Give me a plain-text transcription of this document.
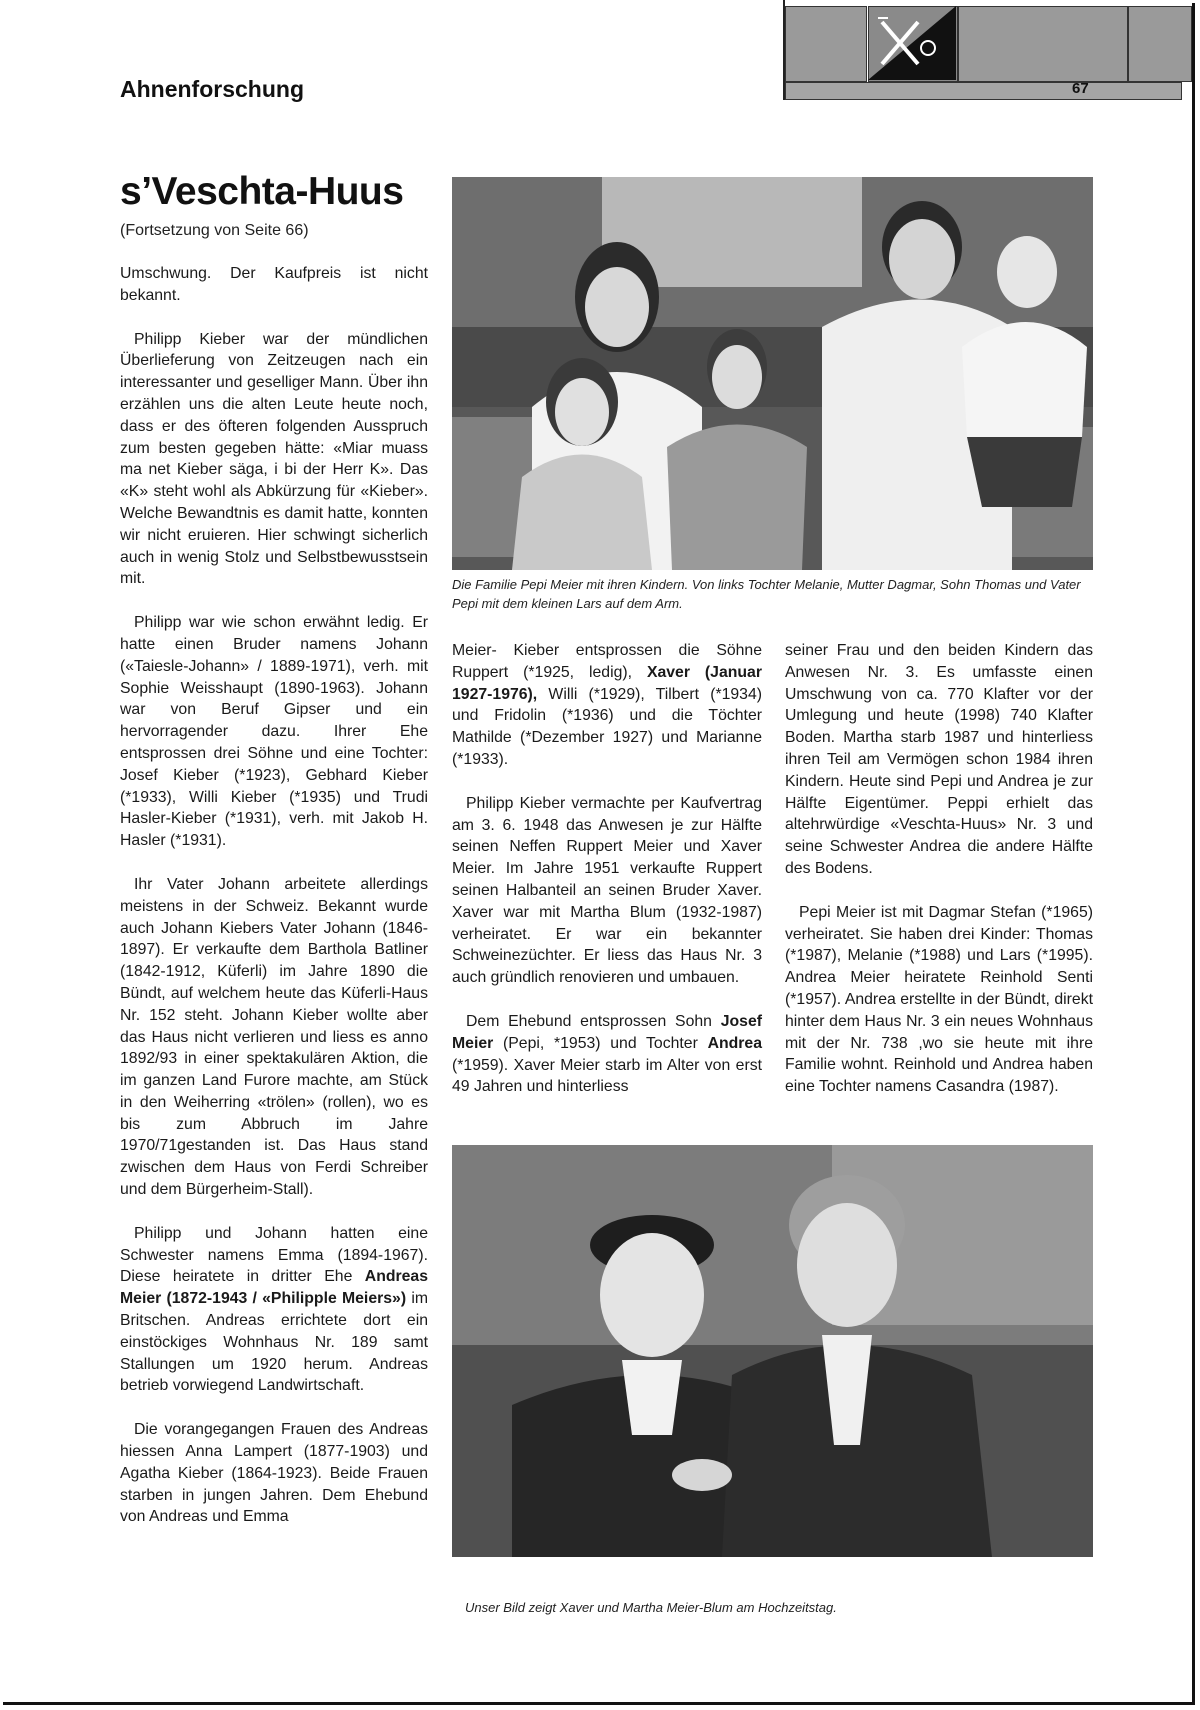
Ahnenforschung	67
s’Veschta-Huus
(Fortsetzung von Seite 66)

Umschwung. Der Kaufpreis ist nicht bekannt.

Philipp Kieber war der mündlichen Überlieferung von Zeitzeugen nach ein interessanter und geselliger Mann. Über ihn erzählen uns die alten Leute heute noch, dass er des öfteren folgenden Ausspruch zum besten gegeben hätte: «Miar muass ma net Kieber säga, i bi der Herr K». Das «K» steht wohl als Abkürzung für «Kieber». Welche Bewandtnis es damit hatte, konnten wir nicht eruieren. Hier schwingt sicherlich auch in wenig Stolz und Selbstbewusstsein mit.

Philipp war wie schon erwähnt ledig. Er hatte einen Bruder namens Johann («Taiesle-Johann» / 1889-1971), verh. mit Sophie Weisshaupt (1890-1963). Johann war von Beruf Gipser und ein hervorragender dazu. Ihrer Ehe entsprossen drei Söhne und eine Tochter: Josef Kieber (*1923), Gebhard Kieber (*1933), Willi Kieber (*1935) und Trudi Hasler-Kieber (*1931), verh. mit Jakob H. Hasler (*1931).

Ihr Vater Johann arbeitete allerdings meistens in der Schweiz. Bekannt wurde auch Johann Kiebers Vater Johann (1846-1897). Er verkaufte dem Bartholа Batliner (1842-1912, Küferli) im Jahre 1890 die Bündt, auf welchem heute das Küferli-Haus Nr. 152 steht. Johann Kieber wollte aber das Haus nicht verlieren und liess es anno 1892/93 in einer spektakulären Aktion, die im ganzen Land Furore machte, am Stück in den Weiherring «trölen» (rollen), wo es bis zum Abbruch im Jahre 1970/71gestanden ist. Das Haus stand zwischen dem Haus von Ferdi Schreiber und dem Bürgerheim-Stall).

Philipp und Johann hatten eine Schwester namens Emma (1894-1967). Diese heiratete in dritter Ehe Andreas Meier (1872-1943 / «Philipple Meiers») im Britschen. Andreas errichtete dort ein einstöckiges Wohnhaus Nr. 189 samt Stallungen um 1920 herum. Andreas betrieb vorwiegend Landwirtschaft.

Die vorangegangen Frauen des Andreas hiessen Anna Lampert (1877-1903) und Agatha Kieber (1864-1923). Beide Frauen starben in jungen Jahren. Dem Ehebund von Andreas und Emma

Die Familie Pepi Meier mit ihren Kindern. Von links Tochter Melanie, Mutter Dagmar, Sohn Thomas und Vater Pepi mit dem kleinen Lars auf dem Arm.

Meier- Kieber entsprossen die Söhne Ruppert (*1925, ledig), Xaver (Januar 1927-1976), Willi (*1929), Tilbert (*1934) und Fridolin (*1936) und die Töchter Mathilde (*Dezember 1927) und Marianne (*1933).

Philipp Kieber vermachte per Kaufvertrag am 3. 6. 1948 das Anwesen je zur Hälfte seinen Neffen Ruppert Meier und Xaver Meier. Im Jahre 1951 verkaufte Ruppert seinen Halbanteil an seinen Bruder Xaver. Xaver war mit Martha Blum (1932-1987) verheiratet. Er war ein bekannter Schweinezüchter. Er liess das Haus Nr. 3 auch gründlich renovieren und umbauen.

Dem Ehebund entsprossen Sohn Josef Meier (Pepi, *1953) und Tochter Andrea (*1959). Xaver Meier starb im Alter von erst 49 Jahren und hinterliess

seiner Frau und den beiden Kindern das Anwesen Nr. 3. Es umfasste einen Umschwung von ca. 770 Klafter vor der Umlegung und heute (1998) 740 Klafter Boden. Martha starb 1987 und hinterliess ihren Teil am Vermögen schon 1984 ihren Kindern. Heute sind Pepi und Andrea je zur Hälfte Eigentümer. Peppi erhielt das altehrwürdige «Veschta-Huus» Nr. 3 und seine Schwester Andrea die andere Hälfte des Bodens.

Pepi Meier ist mit Dagmar Stefan (*1965) verheiratet. Sie haben drei Kinder: Thomas (*1987), Melanie (*1988) und Lars (*1995). Andrea Meier heiratete Reinhold Senti (*1957). Andrea erstellte in der Bündt, direkt hinter dem Haus Nr. 3 ein neues Wohnhaus mit der Nr. 738 ,wo sie heute mit ihre Familie wohnt. Reinhold und Andrea haben eine Tochter namens Casandra (1987).

Unser Bild zeigt Xaver und Martha Meier-Blum am Hochzeitstag.
